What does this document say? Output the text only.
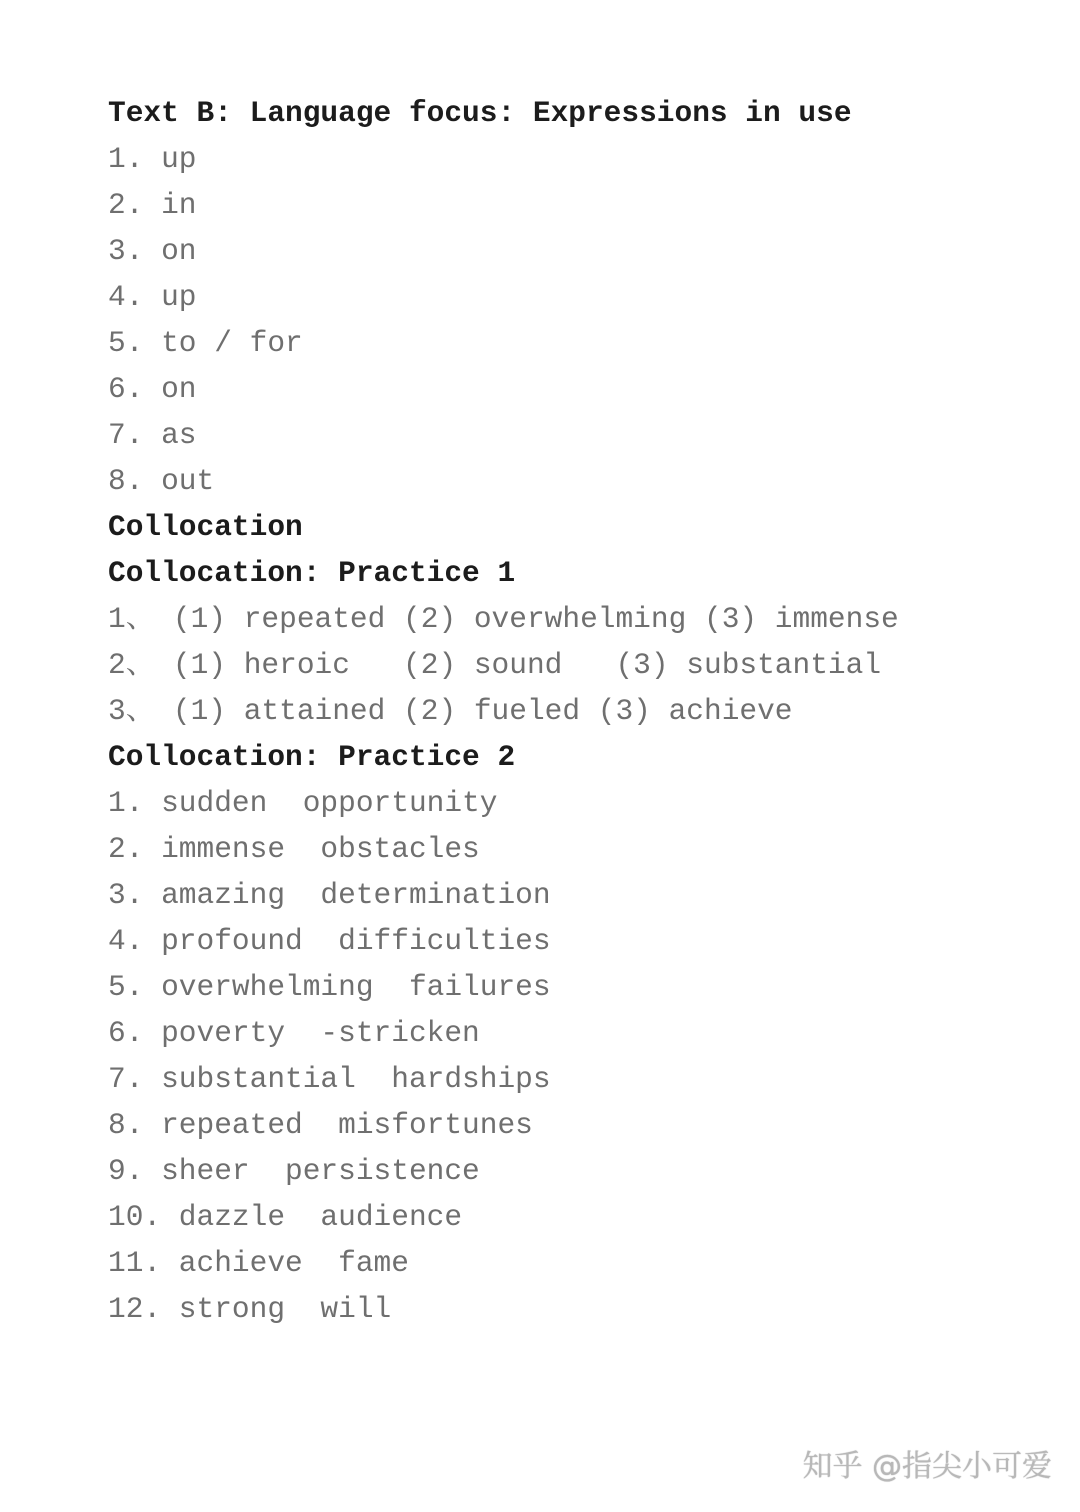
Text B: Language focus: Expressions in use
1. up
2. in
3. on
4. up
5. to / for
6. on
7. as
8. out
Collocation
Collocation: Practice 1
1、 (1) repeated (2) overwhelming (3) immense
2、 (1) heroic   (2) sound   (3) substantial
3、 (1) attained (2) fueled (3) achieve
Collocation: Practice 2
1. sudden  opportunity
2. immense  obstacles
3. amazing  determination
4. profound  difficulties
5. overwhelming  failures
6. poverty  -stricken
7. substantial  hardships
8. repeated  misfortunes
9. sheer  persistence
10. dazzle  audience
11. achieve  fame
12. strong  will
知乎 @指尖小可爱
